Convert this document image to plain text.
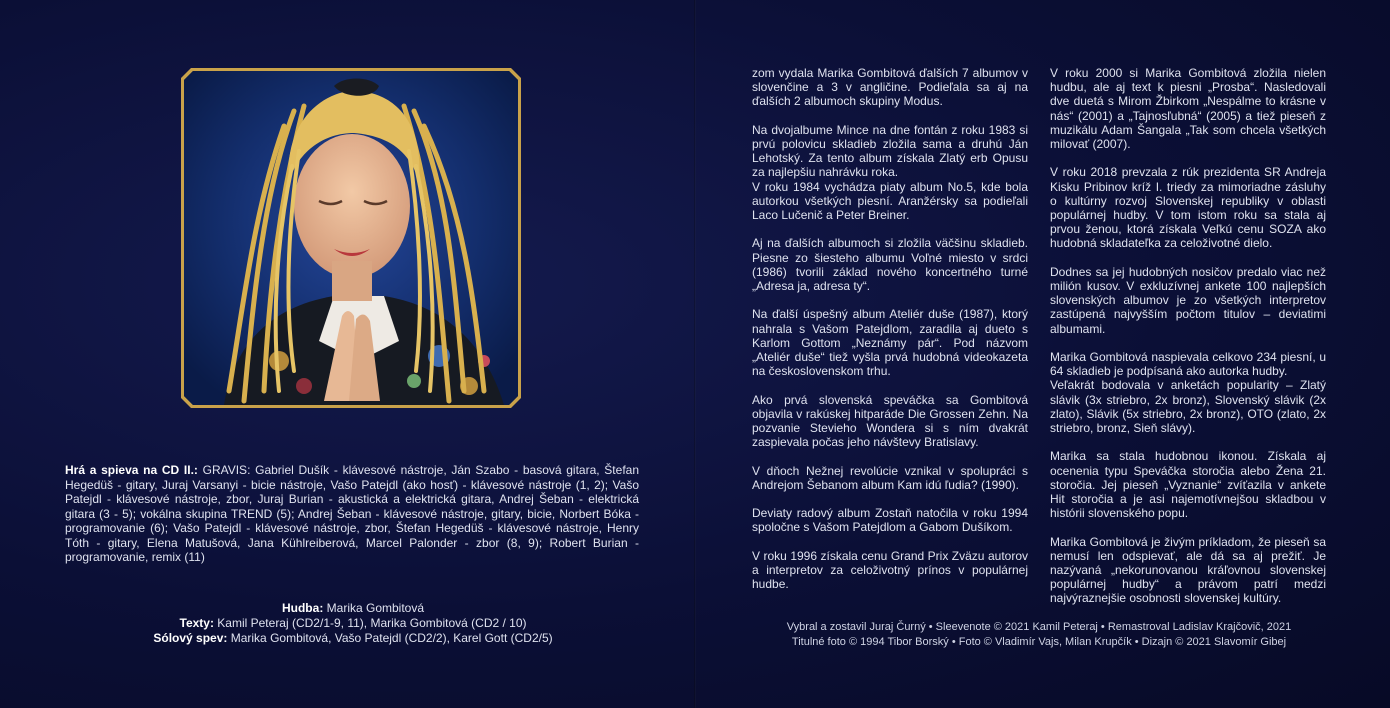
Hrá a spieva na CD II.: GRAVIS: Gabriel Dušík - klávesové nástroje, Ján Szabo - basová gitara, Štefan Hegedüš - gitary, Juraj Varsanyi - bicie nástroje, Vašo Patejdl (ako hosť) - klávesové nástroje (1, 2); Vašo Patejdl - klávesové nástroje, zbor, Juraj Burian - akustická a elektrická gitara, Andrej Šeban - elektrická gitara (3 - 5); vokálna skupina TREND (5); Andrej Šeban - klávesové nástroje, gitary, bicie, Norbert Bóka - programovanie (6); Vašo Patejdl - klávesové nástroje, zbor, Štefan Hegedüš - klávesové nástroje, Henry Tóth - gitary, Elena Matušová, Jana Kühlreiberová, Marcel Palonder - zbor (8, 9); Robert Burian - programovanie, remix (11)
Hudba: Marika Gombitová
Texty: Kamil Peteraj (CD2/1-9, 11), Marika Gombitová (CD2 / 10)
Sólový spev: Marika Gombitová, Vašo Patejdl (CD2/2), Karel Gott (CD2/5)

zom vydala Marika Gombitová ďalších 7 albumov v slovenčine a 3 v angličine. Podieľala sa aj na ďalších 2 albumoch skupiny Modus.

Na dvojalbume Mince na dne fontán z roku 1983 si prvú polovicu skladieb zložila sama a druhú Ján Lehotský. Za tento album získala Zlatý erb Opusu za najlepšiu nahrávku roka.

V roku 1984 vychádza piaty album No.5, kde bola autorkou všetkých piesní. Aranžérsky sa podieľali Laco Lučenič a Peter Breiner.

Aj na ďalších albumoch si zložila väčšinu skladieb. Piesne zo šiesteho albumu Voľné miesto v srdci (1986) tvorili základ nového koncertného turné „Adresa ja, adresa ty“.

Na ďalší úspešný album Ateliér duše (1987), ktorý nahrala s Vašom Patejdlom, zaradila aj dueto s Karlom Gottom „Neznámy pár“. Pod názvom „Ateliér duše“ tiež vyšla prvá hudobná videokazeta na československom trhu.

Ako prvá slovenská speváčka sa Gombitová objavila v rakúskej hitparáde Die Grossen Zehn. Na pozvanie Stevieho Wondera si s ním dvakrát zaspievala počas jeho návštevy Bratislavy.

V dňoch Nežnej revolúcie vznikal v spolupráci s Andrejom Šebanom album Kam idú ľudia? (1990).

Deviaty radový album Zostaň natočila v roku 1994 spoločne s Vašom Patejdlom a Gabom Dušíkom.

V roku 1996 získala cenu Grand Prix Zväzu autorov a interpretov za celoživotný prínos v populárnej hudbe.

V roku 2000 si Marika Gombitová zložila nielen hudbu, ale aj text k piesni „Prosba“. Nasledovali dve duetá s Mirom Žbirkom „Nespálme to krásne v nás“ (2001) a „Tajnosľubná“ (2005) a tiež pieseň z muzikálu Adam Šangala „Tak som chcela všetkých milovať (2007).

V roku 2018 prevzala z rúk prezidenta SR Andreja Kisku Pribinov kríž I. triedy za mimoriadne zásluhy o kultúrny rozvoj Slovenskej republiky v oblasti populárnej hudby. V tom istom roku sa stala aj prvou ženou, ktorá získala Veľkú cenu SOZA ako hudobná skladateľka za celoživotné dielo.

Dodnes sa jej hudobných nosičov predalo viac než milión kusov. V exkluzívnej ankete 100 najlepších slovenských albumov je zo všetkých interpretov zastúpená najvyšším počtom titulov – deviatimi albumami.

Marika Gombitová naspievala celkovo 234 piesní, u 64 skladieb je podpísaná ako autorka hudby.

Veľakrát bodovala v anketách popularity – Zlatý slávik (3x striebro, 2x bronz), Slovenský slávik (2x zlato), Slávik (5x striebro, 2x bronz), OTO (zlato, 2x striebro, bronz, Sieň slávy).

Marika sa stala hudobnou ikonou. Získala aj ocenenia typu Speváčka storočia alebo Žena 21. storočia. Jej pieseň „Vyznanie“ zvíťazila v ankete Hit storočia a je asi najemotívnejšou skladbou v histórii slovenského popu.

Marika Gombitová je živým príkladom, že pieseň sa nemusí len odspievať, ale dá sa aj prežiť. Je nazývaná „nekorunovanou kráľovnou slovenskej populárnej hudby“ a právom patrí medzi najvýraznejšie osobnosti slovenskej kultúry.

Vybral a zostavil Juraj Čurný • Sleevenote © 2021 Kamil Peteraj • Remastroval Ladislav Krajčovič, 2021
Titulné foto © 1994 Tibor Borský • Foto © Vladimír Vajs, Milan Krupčík • Dizajn © 2021 Slavomír Gibej
